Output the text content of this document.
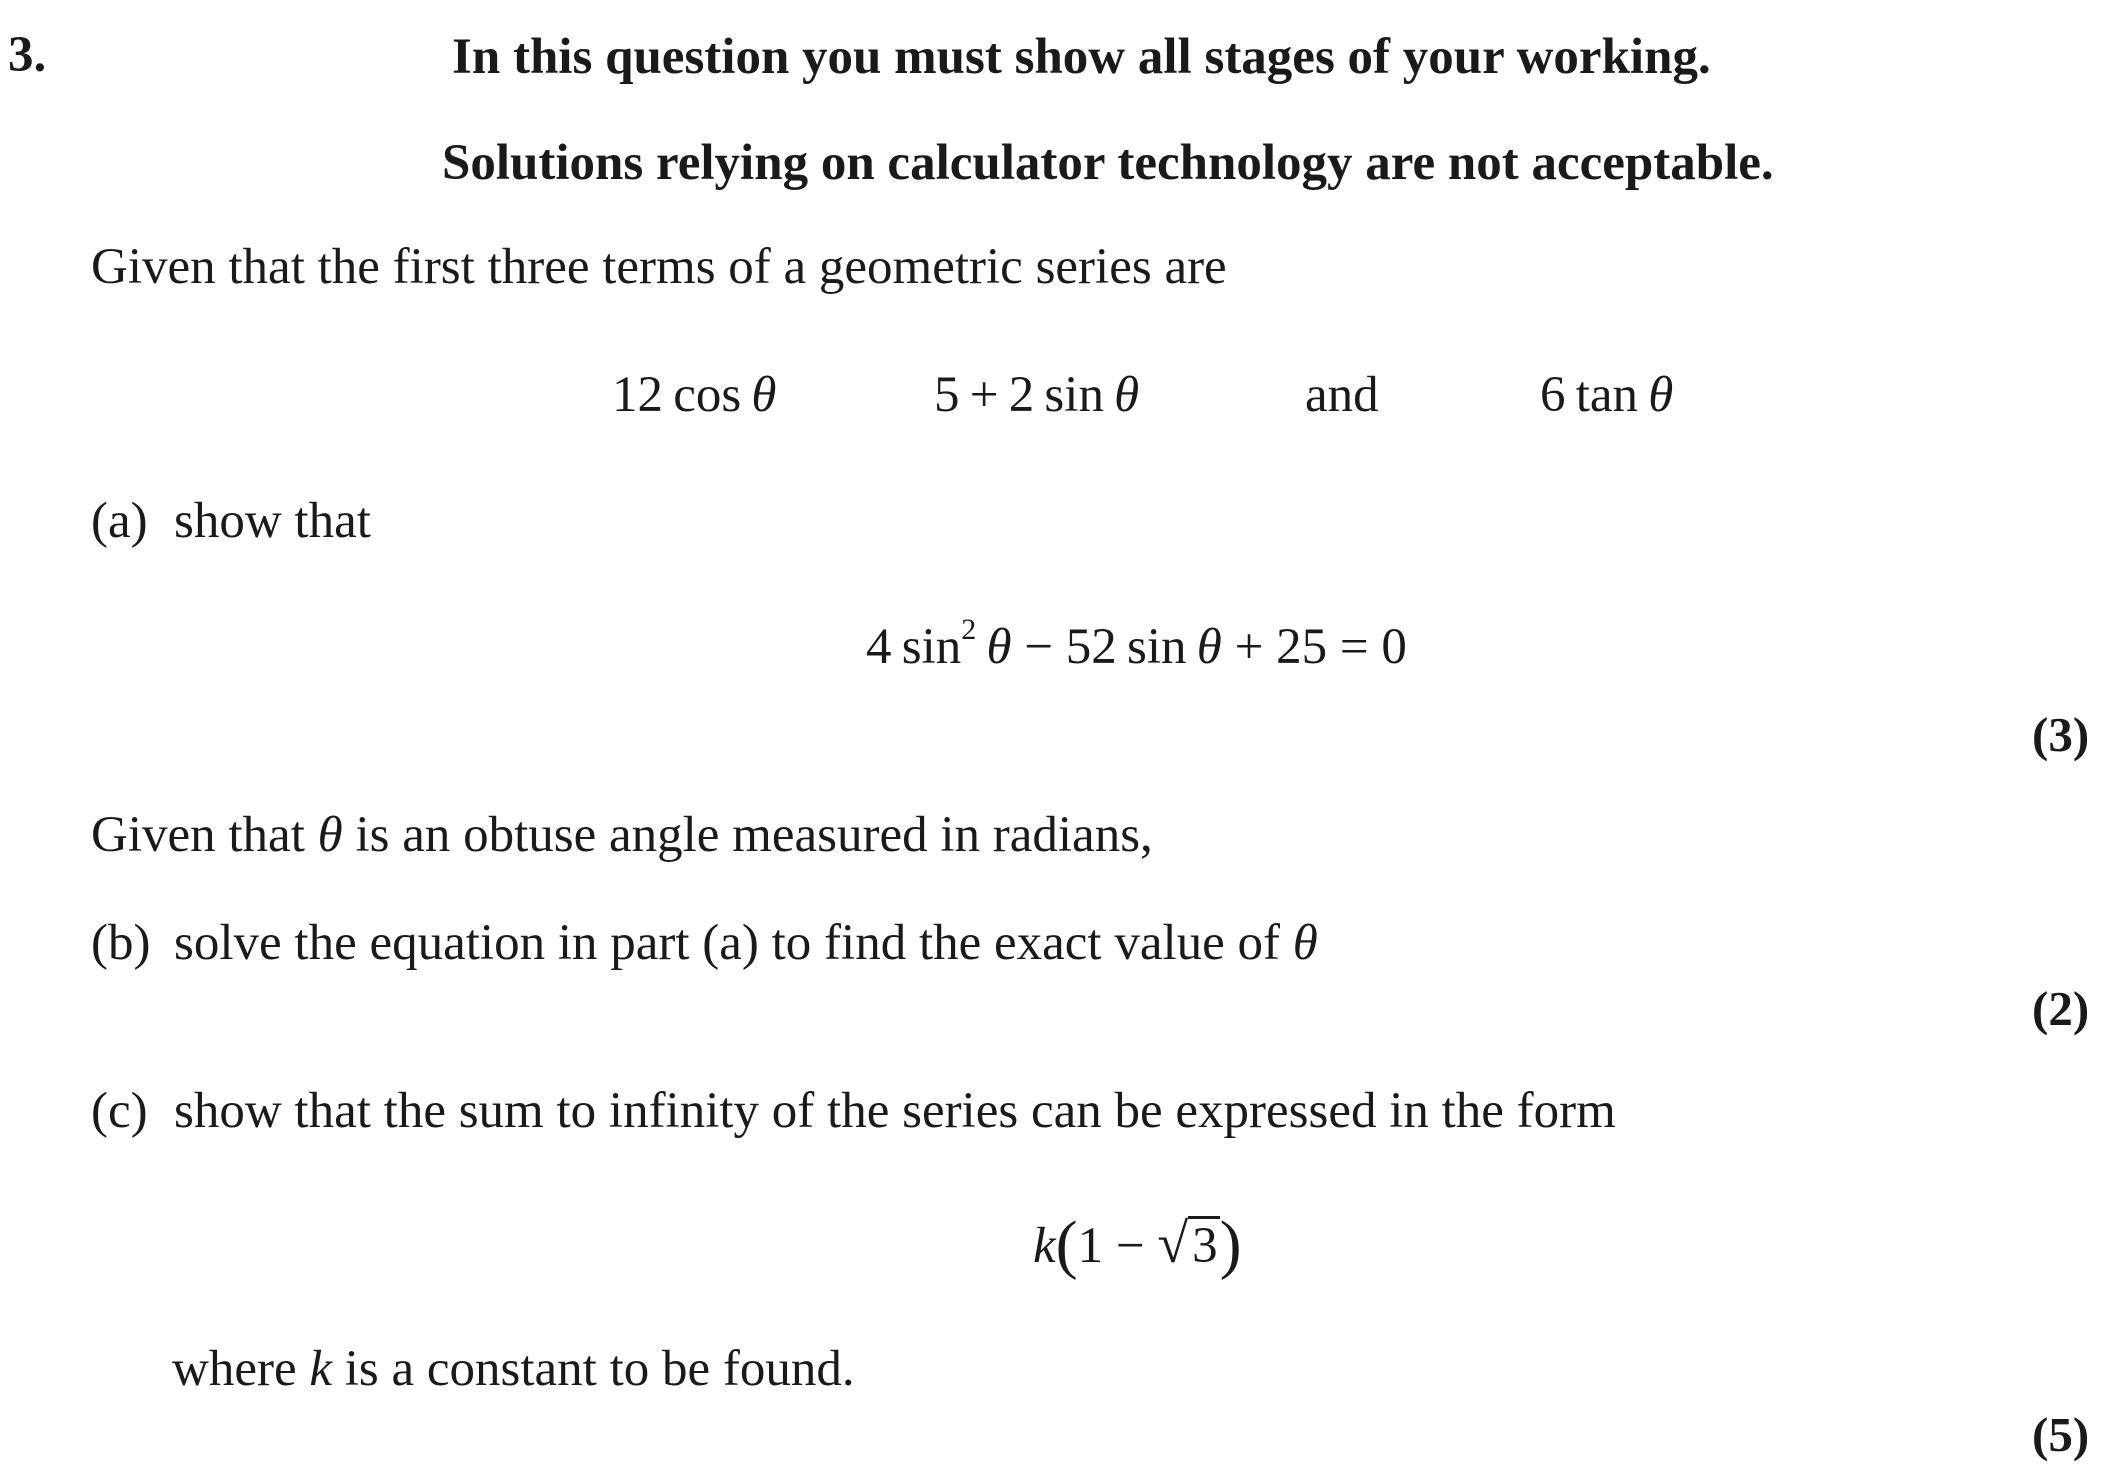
3.	In this question you must show all stages of your working.
Solutions relying on calculator technology are not acceptable.
Given that the first three terms of a geometric series are
12  cos  θ	5  +  2  sin  θ	and	6  tan  θ
(a) show that
4  $\sin^2 \theta - 52$  sin  θ + 25 = 0
(3)
Given that θ is an obtuse angle measured in radians,
(b) solve the equation in part (a) to find the exact value of θ
(2)
(c) show that the sum to infinity of the series can be expressed in the form
k(1 − √3)
where k is a constant to be found.
(5)
